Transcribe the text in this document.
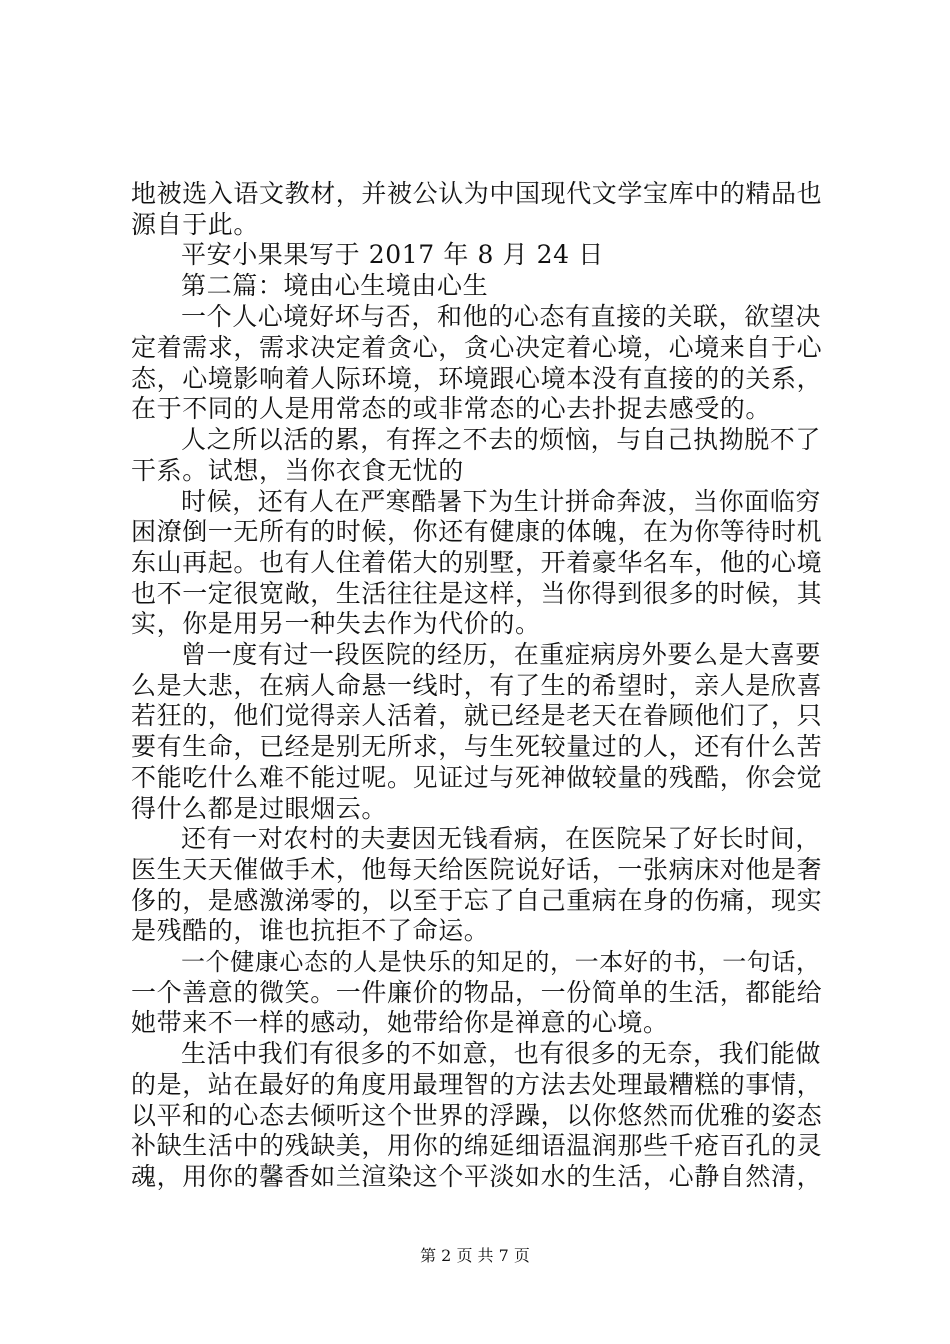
地被选入语文教材，并被公认为中国现代文学宝库中的精品也
源自于此。
平安小果果写于 2017 年 8 月 24 日
第二篇：境由心生境由心生
一个人心境好坏与否，和他的心态有直接的关联，欲望决
定着需求，需求决定着贪心，贪心决定着心境，心境来自于心
态，心境影响着人际环境，环境跟心境本没有直接的的关系，
在于不同的人是用常态的或非常态的心去扑捉去感受的。
人之所以活的累，有挥之不去的烦恼，与自己执拗脱不了
干系。试想，当你衣食无忧的
时候，还有人在严寒酷暑下为生计拼命奔波，当你面临穷
困潦倒一无所有的时候，你还有健康的体魄，在为你等待时机
东山再起。也有人住着偌大的别墅，开着豪华名车，他的心境
也不一定很宽敞，生活往往是这样，当你得到很多的时候，其
实，你是用另一种失去作为代价的。
曾一度有过一段医院的经历，在重症病房外要么是大喜要
么是大悲，在病人命悬一线时，有了生的希望时，亲人是欣喜
若狂的，他们觉得亲人活着，就已经是老天在眷顾他们了，只
要有生命，已经是别无所求，与生死较量过的人，还有什么苦
不能吃什么难不能过呢。见证过与死神做较量的残酷，你会觉
得什么都是过眼烟云。
还有一对农村的夫妻因无钱看病，在医院呆了好长时间，
医生天天催做手术，他每天给医院说好话，一张病床对他是奢
侈的，是感激涕零的，以至于忘了自己重病在身的伤痛，现实
是残酷的，谁也抗拒不了命运。
一个健康心态的人是快乐的知足的，一本好的书，一句话，
一个善意的微笑。一件廉价的物品，一份简单的生活，都能给
她带来不一样的感动，她带给你是禅意的心境。
生活中我们有很多的不如意，也有很多的无奈，我们能做
的是，站在最好的角度用最理智的方法去处理最糟糕的事情，
以平和的心态去倾听这个世界的浮躁，以你悠然而优雅的姿态
补缺生活中的残缺美，用你的绵延细语温润那些千疮百孔的灵
魂，用你的馨香如兰渲染这个平淡如水的生活，心静自然清，
第 2 页 共 7 页
